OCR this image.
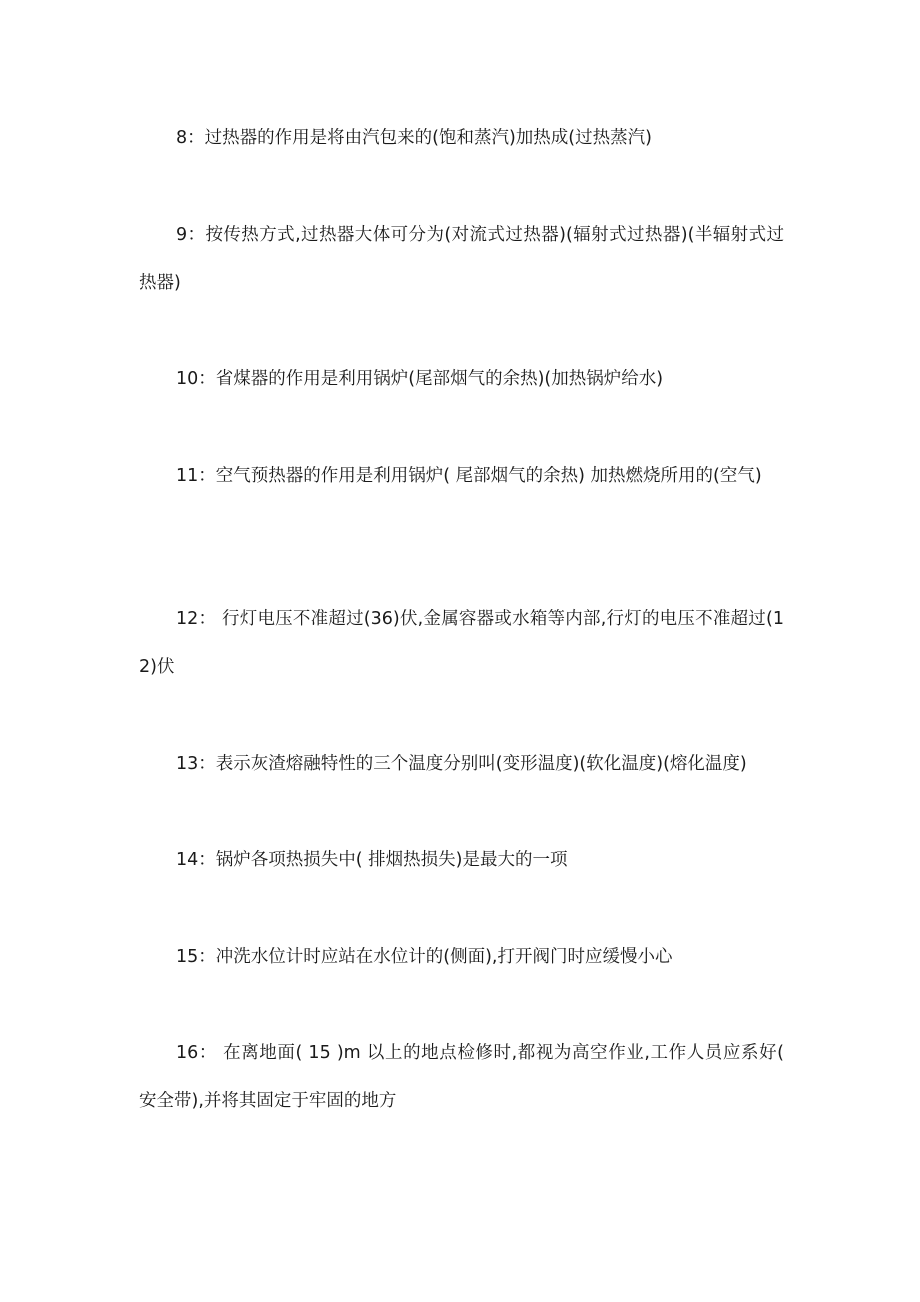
8：过热器的作用是将由汽包来的(饱和蒸汽)加热成(过热蒸汽)

9：按传热方式,过热器大体可分为(对流式过热器)(辐射式过热器)(半辐射式过热器)

10：省煤器的作用是利用锅炉(尾部烟气的余热)(加热锅炉给水)

11：空气预热器的作用是利用锅炉( 尾部烟气的余热) 加热燃烧所用的(空气)

12： 行灯电压不准超过(36)伏,金属容器或水箱等内部,行灯的电压不准超过(12)伏

13：表示灰渣熔融特性的三个温度分别叫(变形温度)(软化温度)(熔化温度)

14：锅炉各项热损失中( 排烟热损失)是最大的一项

15：冲洗水位计时应站在水位计的(侧面),打开阀门时应缓慢小心

16： 在离地面( 15 )m 以上的地点检修时,都视为高空作业,工作人员应系好( 安全带),并将其固定于牢固的地方
